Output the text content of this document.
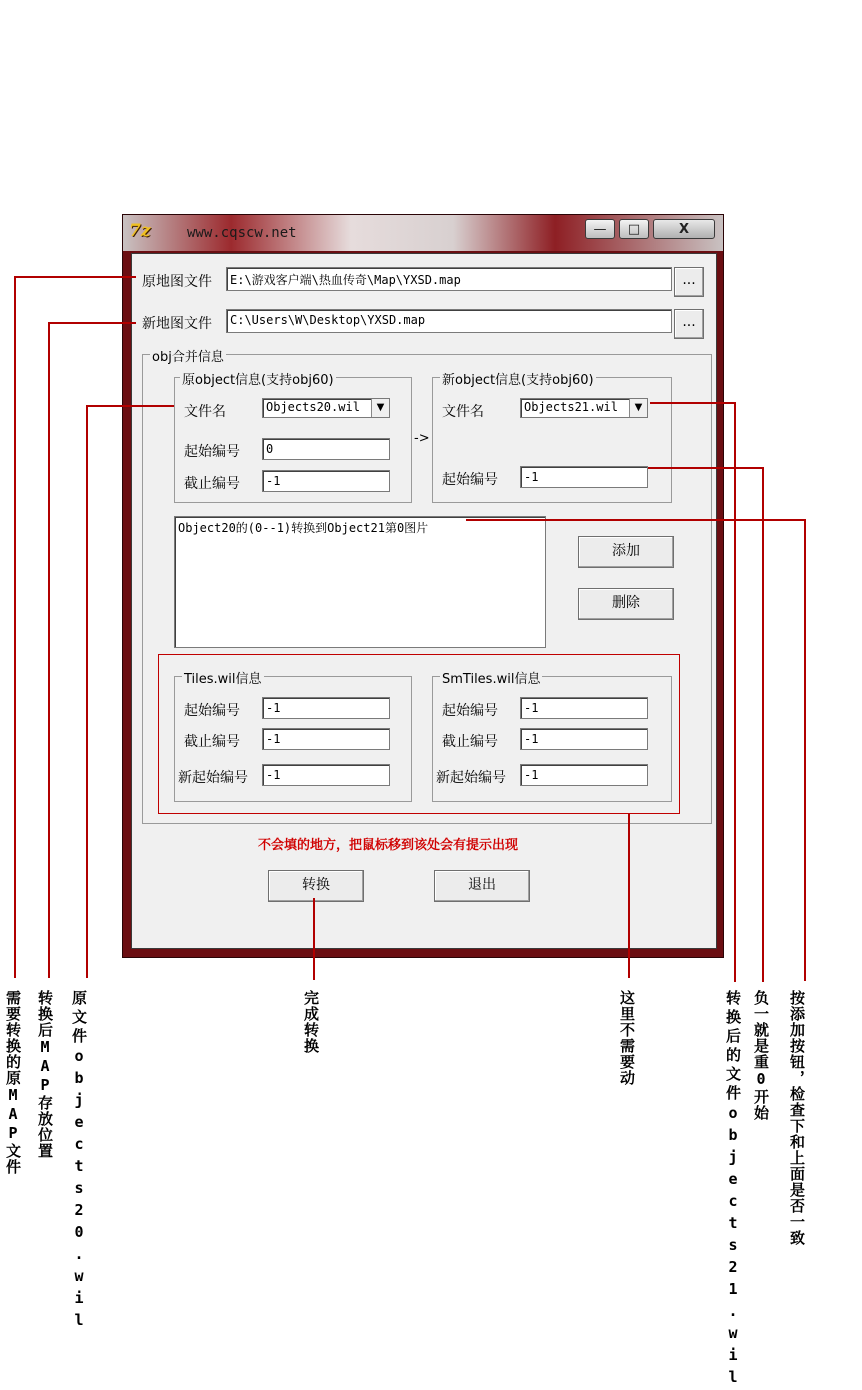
7z	www.cqscw.net	—	□	X
原地图文件	E:\游戏客户端\热血传奇\Map\YXSD.map	...
新地图文件	C:\Users\W\Desktop\YXSD.map	...
obj合并信息
原object信息(支持obj60)
文件名	Objects20.wil	▼
起始编号	0
截止编号	-1
->
新object信息(支持obj60)
文件名	Objects21.wil	▼
起始编号	-1
Object20的(0--1)转换到Object21第0图片
添加
删除
Tiles.wil信息
起始编号	-1
截止编号	-1
新起始编号	-1
SmTiles.wil信息
起始编号	-1
截止编号	-1
新起始编号	-1
不会填的地方，把鼠标移到该处会有提示出现
转换	退出
需要转换的原MAP文件 转换后MAP存放位置 原文件objects20.wil	完成转换	这里不需要动	转换后的文件objects21.wil 负一就是重0开始 按添加按钮，检查下和上面是否一致
